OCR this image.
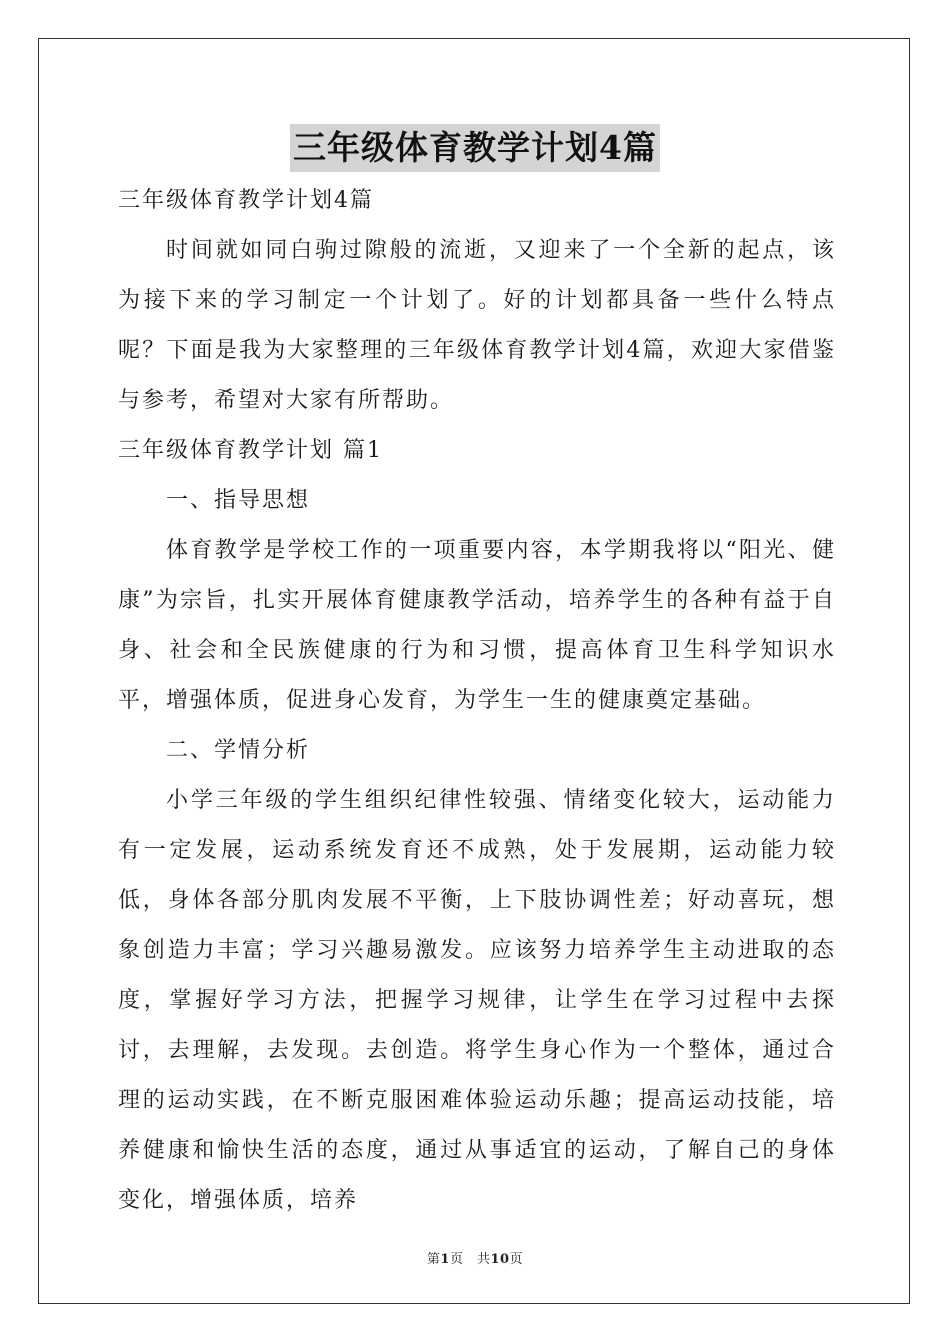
三年级体育教学计划4篇

三年级体育教学计划4篇

时间就如同白驹过隙般的流逝，又迎来了一个全新的起点，该为接下来的学习制定一个计划了。好的计划都具备一些什么特点呢？下面是我为大家整理的三年级体育教学计划4篇，欢迎大家借鉴与参考，希望对大家有所帮助。

三年级体育教学计划 篇1

一、指导思想

体育教学是学校工作的一项重要内容，本学期我将以“阳光、健康”为宗旨，扎实开展体育健康教学活动，培养学生的各种有益于自身、社会和全民族健康的行为和习惯，提高体育卫生科学知识水平，增强体质，促进身心发育，为学生一生的健康奠定基础。

二、学情分析

小学三年级的学生组织纪律性较强、情绪变化较大，运动能力有一定发展，运动系统发育还不成熟，处于发展期，运动能力较低，身体各部分肌肉发展不平衡，上下肢协调性差；好动喜玩，想象创造力丰富；学习兴趣易激发。应该努力培养学生主动进取的态度，掌握好学习方法，把握学习规律，让学生在学习过程中去探讨，去理解，去发现。去创造。将学生身心作为一个整体，通过合理的运动实践，在不断克服困难体验运动乐趣；提高运动技能，培养健康和愉快生活的态度，通过从事适宜的运动，了解自己的身体变化，增强体质，培养

第1页　共10页
